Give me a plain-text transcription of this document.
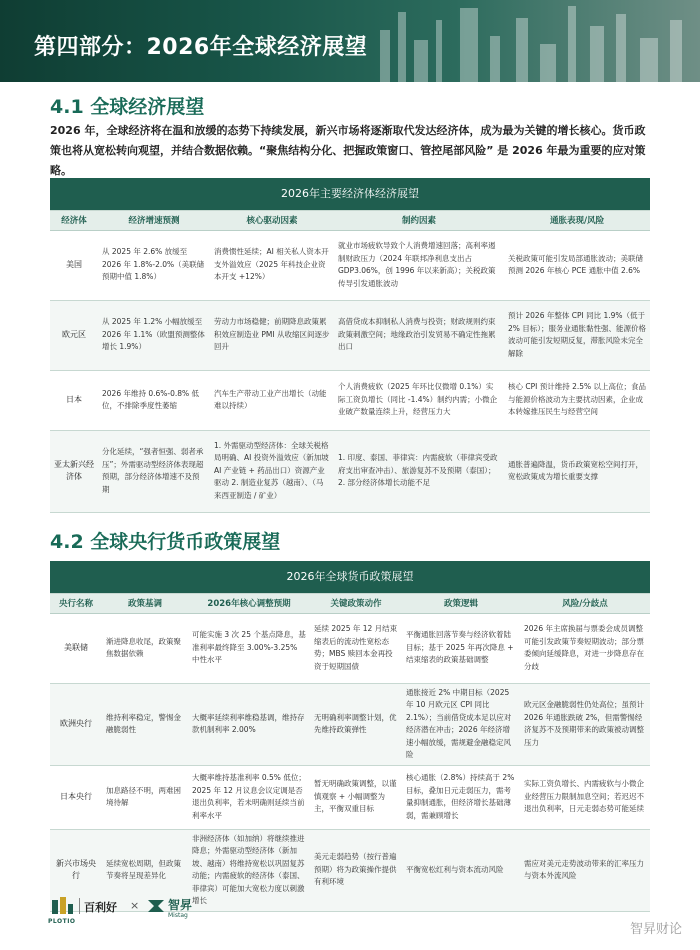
第四部分：2026年全球经济展望
4.1 全球经济展望
2026 年，全球经济将在温和放缓的态势下持续发展，新兴市场将逐渐取代发达经济体，成为最为关键的增长核心。货币政策也将从宽松转向观望，并结合数据依赖。“聚焦结构分化、把握政策窗口、管控尾部风险” 是 2026 年最为重要的应对策略。
2026年主要经济体经济展望				
经济体	经济增速预测	核心驱动因素	制约因素	通胀表现/风险
美国	从 2025 年 2.6% 放缓至 2026 年 1.8%-2.0%（美联储预期中值 1.8%）	消费惯性延续；AI 相关私人资本开支外溢效应（2025 年科技企业资本开支 +12%）	就业市场疲软导致个人消费增速回落；高利率遏制财政压力（2024 年联邦净利息支出占 GDP3.06%，创 1996 年以来新高）；关税政策传导引发通胀波动	关税政策可能引发局部通胀波动；美联储预测 2026 年核心 PCE 通胀中值 2.6%
欧元区	从 2025 年 1.2% 小幅放缓至 2026 年 1.1%（欧盟预测整体增长 1.9%）	劳动力市场稳健；前期降息政策累积效应制造业 PMI 从收缩区间逐步回升	高借贷成本抑制私人消费与投资；财政规则约束政策刺激空间；地缘政治引发贸易不确定性拖累出口	预计 2026 年整体 CPI 同比 1.9%（低于 2% 目标）；服务业通胀黏性强、能源价格波动可能引发短期反复，滞胀风险未完全解除
日本	2026 年维持 0.6%-0.8% 低位，不排除季度性萎缩	汽车生产带动工业产出增长（动能难以持续）	个人消费疲软（2025 年环比仅微增 0.1%）实际工资负增长（同比 -1.4%）制约内需；小微企业破产数量连续上升，经营压力大	核心 CPI 预计维持 2.5% 以上高位；食品与能源价格波动为主要扰动因素，企业成本转嫁推压民生与经营空间
亚太新兴经济体	分化延续，“强者恒强、弱者承压”；外需驱动型经济体表现超预期，部分经济体增速不及预期	1. 外需驱动型经济体：全球关税格局明确、AI 投资外溢效应（新加坡 AI 产业链 + 药品出口）资源产业驱动 2. 制造业复苏（越南）、（马来西亚制造 / 矿业）	1. 印度、泰国、菲律宾：内需疲软（菲律宾受政府支出审查冲击）、旅游复苏不及预期（泰国）；2. 部分经济体增长动能不足	通胀普遍降温，货币政策宽松空间打开，宽松政策成为增长重要支撑
4.2 全球央行货币政策展望
2026年全球货币政策展望					
央行名称	政策基调	2026年核心调整预期	关键政策动作	政策逻辑	风险/分歧点
美联储	渐进降息收尾，政策聚焦数据依赖	可能实施 3 次 25 个基点降息，基准利率最终降至 3.00%-3.25% 中性水平	延续 2025 年 12 月结束缩表后的流动性宽松态势；MBS 赎回本金再投资于短期国债	平衡通胀回落节奏与经济软着陆目标；基于 2025 年再次降息 + 结束缩表的政策基础调整	2026 年主席换届与票委会成员调整可能引发政策节奏短期波动；部分票委倾向延缓降息，对进一步降息存在分歧
欧洲央行	维持利率稳定，警惕金融脆弱性	大概率延续利率维稳基调，维持存款机制利率 2.00%	无明确利率调整计划，优先维持政策弹性	通胀接近 2% 中期目标（2025 年 10 月欧元区 CPI 同比 2.1%）；当前借贷成本足以应对经济潜在冲击；2026 年经济增速小幅放缓，需规避金融稳定风险	欧元区金融脆弱性仍处高位；虽预计 2026 年通胀跌破 2%，但需警惕经济复苏不及预期带来的政策被动调整压力
日本央行	加息路径不明，两难困境待解	大概率维持基准利率 0.5% 低位；2025 年 12 月议息会议定调是否退出负利率，若未明确则延续当前利率水平	暂无明确政策调整，以谨慎观察 + 小幅调整为主，平衡双重目标	核心通胀（2.8%）持续高于 2% 目标，叠加日元走弱压力，需考量抑制通胀，但经济增长基础薄弱，需兼顾增长	实际工资负增长、内需疲软与小微企业经营压力限制加息空间；若迟迟不退出负利率，日元走弱态势可能延续
新兴市场央行	延续宽松周期，但政策节奏将呈现差异化	非洲经济体（如加纳）将继续推进降息；外需驱动型经济体（新加坡、越南）将维持宽松以巩固复苏动能；内需疲软的经济体（泰国、菲律宾）可能加大宽松力度以刺激增长	美元走弱趋势（按行普遍预期）将为政策操作提供有利环境	平衡宽松红利与资本流动风险	需应对美元走势波动带来的汇率压力与资本外流风险
PLOTIO
百利好 × 智昇
Mistag
智昇财论
